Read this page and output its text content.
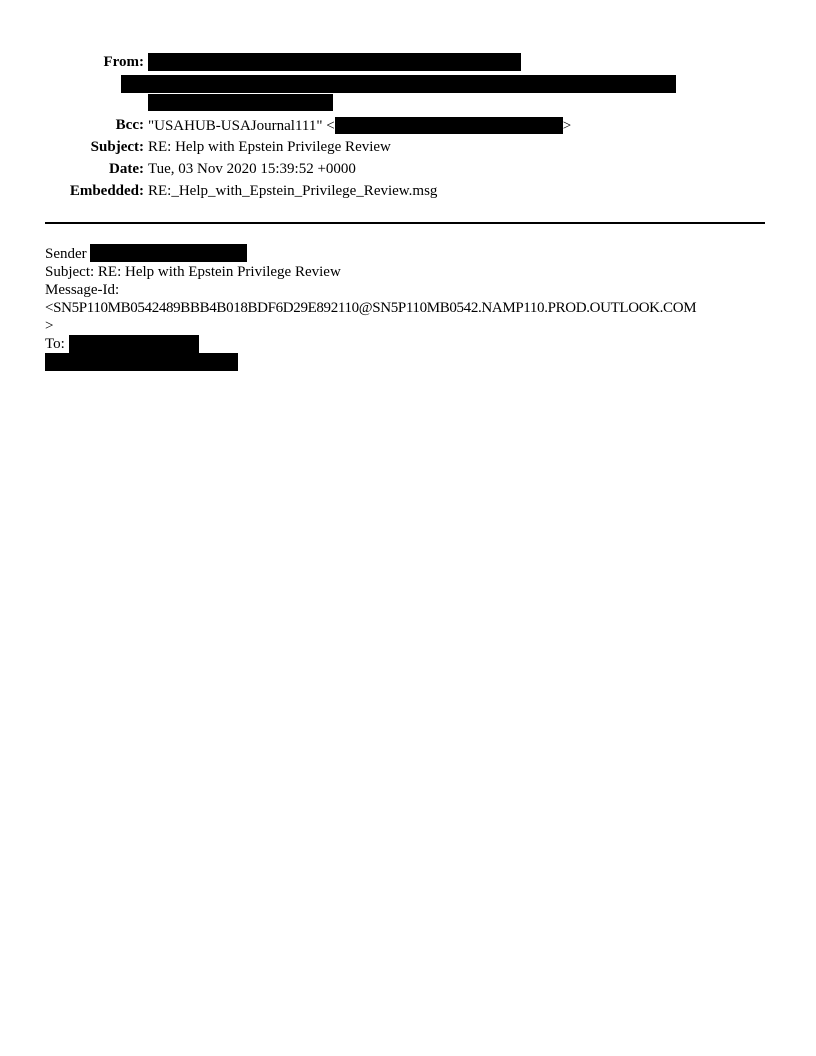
From:
Bcc: "USAHUB-USAJournal111" <	>
Subject: RE: Help with Epstein Privilege Review
Date: Tue, 03 Nov 2020 15:39:52 +0000
Embedded: RE:_Help_with_Epstein_Privilege_Review.msg
Sender
Subject: RE: Help with Epstein Privilege Review
Message-Id:
<SN5P110MB0542489BBB4B018BDF6D29E892110@SN5P110MB0542.NAMP110.PROD.OUTLOOK.COM
>
To:
